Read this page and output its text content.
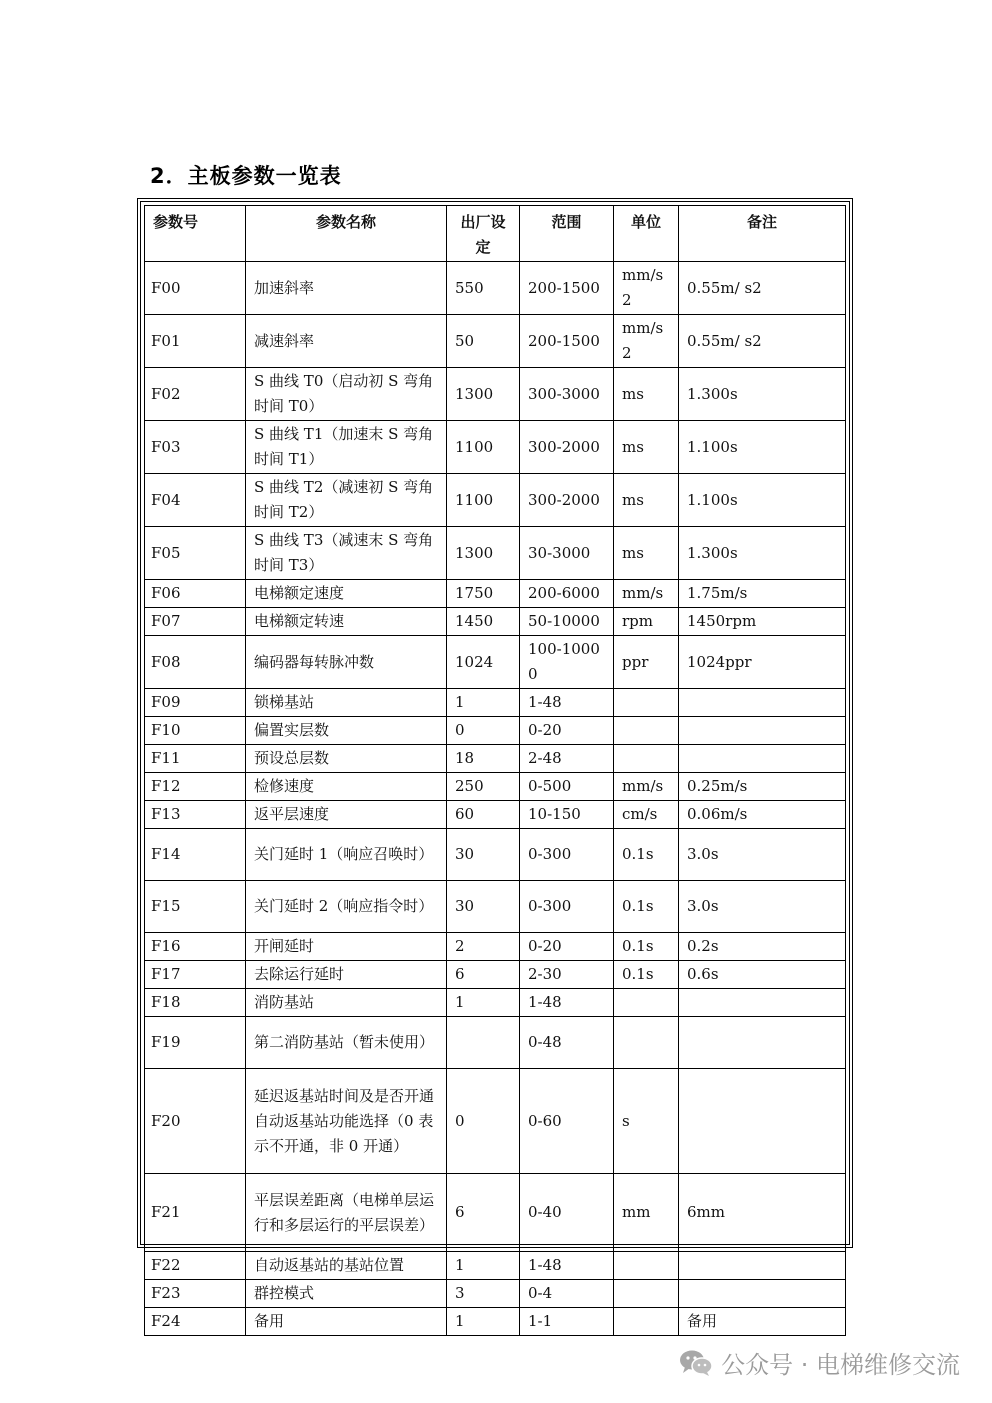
2．主板参数一览表
参数号	参数名称	出厂设定	范围	单位	备注
F00	加速斜率	550	200-1500	mm/s2	0.55m/ s2
F01	减速斜率	50	200-1500	mm/s2	0.55m/ s2
F02	S 曲线 T0（启动初 S 弯角时间 T0）	1300	300-3000	ms	1.300s
F03	S 曲线 T1（加速末 S 弯角时间 T1）	1100	300-2000	ms	1.100s
F04	S 曲线 T2（减速初 S 弯角时间 T2）	1100	300-2000	ms	1.100s
F05	S 曲线 T3（减速末 S 弯角时间 T3）	1300	30-3000	ms	1.300s
F06	电梯额定速度	1750	200-6000	mm/s	1.75m/s
F07	电梯额定转速	1450	50-10000	rpm	1450rpm
F08	编码器每转脉冲数	1024	100-10000	ppr	1024ppr
F09	锁梯基站	1	1-48		
F10	偏置实层数	0	0-20		
F11	预设总层数	18	2-48		
F12	检修速度	250	0-500	mm/s	0.25m/s
F13	返平层速度	60	10-150	cm/s	0.06m/s
F14	关门延时 1（响应召唤时）	30	0-300	0.1s	3.0s
F15	关门延时 2（响应指令时）	30	0-300	0.1s	3.0s
F16	开闸延时	2	0-20	0.1s	0.2s
F17	去除运行延时	6	2-30	0.1s	0.6s
F18	消防基站	1	1-48		
F19	第二消防基站（暂未使用）		0-48		
F20	延迟返基站时间及是否开通自动返基站功能选择（0 表示不开通，非 0 开通）	0	0-60	s	
F21	平层误差距离（电梯单层运行和多层运行的平层误差）	6	0-40	mm	6mm
F22	自动返基站的基站位置	1	1-48		
F23	群控模式	3	0-4		
F24	备用	1	1-1		备用
公众号 · 电梯维修交流
